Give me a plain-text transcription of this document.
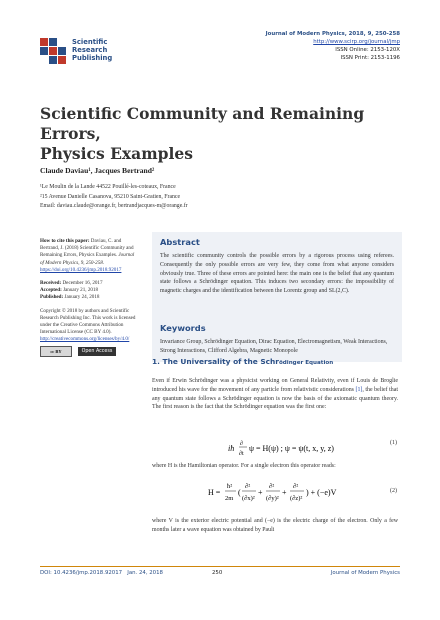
Scientific
Research
Publishing
Journal of Modern Physics, 2018, 9, 250-258
http://www.scirp.org/journal/jmp
ISSN Online: 2153-120X
ISSN Print: 2153-1196
Scientific Community and Remaining Errors,
Physics Examples
Claude Daviau¹, Jacques Bertrand²
¹Le Moulin de la Lande 44522 Pouillé-les-coteaux, France
²15 Avenue Danielle Casanova, 95210 Saint-Gratien, France
Email: daviau.claude@orange.fr, bertrandjacques-m@orange.fr

How to cite this paper: Daviau, C. and Bertrand, J. (2018) Scientific Community and Remaining Errors, Physics Examples. Journal of Modern Physics, 9, 250-258. https://doi.org/10.4236/jmp.2018.92017

Received: December 16, 2017
Accepted: January 21, 2018
Published: January 24, 2018

Copyright © 2018 by authors and Scientific Research Publishing Inc. This work is licensed under the Creative Commons Attribution International License (CC BY 4.0).
http://creativecommons.org/licenses/by/4.0/
cc BY	Open Access

Abstract
The scientific community controls the possible errors by a rigorous process using referees. Consequently the only possible errors are very few, they come from what anyone considers obviously true. Three of these errors are pointed here: the main one is the belief that any quantum state follows a Schrödinger equation. This induces two secondary errors: the impossibility of magnetic charges and the identification between the Lorentz group and SL(2,C).
Keywords
Invariance Group, Schrödinger Equation, Dirac Equation, Electromagnetism, Weak Interactions, Strong Interactions, Clifford Algebra, Magnetic Monopole
1. The Universality of the Schrödinger Equation
Even if Erwin Schrödinger was a physicist working on General Relativity, even if Louis de Broglie introduced his wave for the movement of any particle from relativistic considerations [1], the belief that any quantum state follows a Schrödinger equation is now the basis of the axiomatic quantum theory. The first reason is the fact that the Schrödinger equation was the first one:
iħ ∂
∂t
ψ = H(ψ) ; ψ = ψ(t, x, y, z)
(1)
where H is the Hamiltonian operator. For a single electron this operator reads:
H =
ħ²
2m
(
∂²
(∂x)²
+
∂²
(∂y)²
+
∂²
(∂z)²
) + (−e)V	(2)
where V is the exterior electric potential and (−e) is the electric charge of the electron. Only a few months later a wave equation was obtained by Pauli
DOI: 10.4236/jmp.2018.92017 Jan. 24, 2018	250	Journal of Modern Physics
